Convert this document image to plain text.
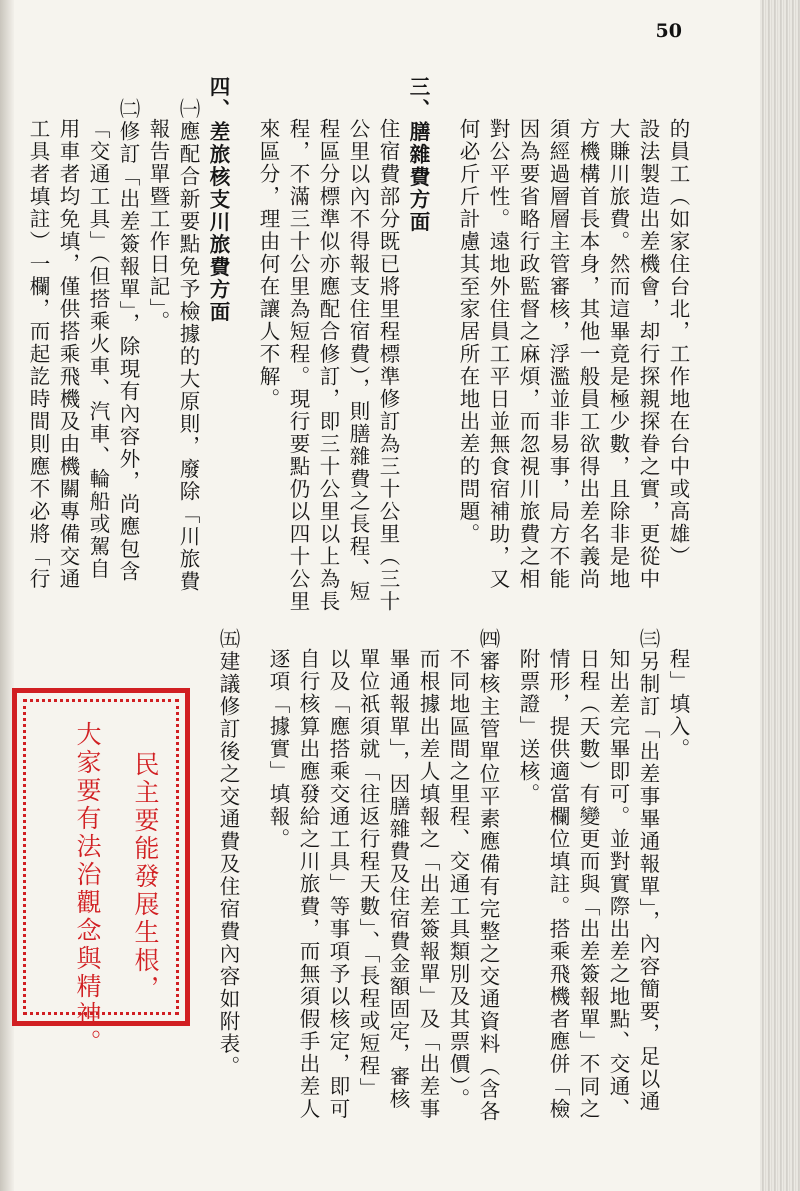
50
的員工（如家住台北，工作地在台中或高雄）
設法製造出差機會，却行探親探眷之實，更從中
大賺川旅費。然而這畢竟是極少數，且除非是地
方機構首長本身，其他一般員工欲得出差名義尚
須經過層層主管審核，浮濫並非易事，局方不能
因為要省略行政監督之麻煩，而忽視川旅費之相
對公平性。遠地外住員工平日並無食宿補助，又
何必斤斤計慮其至家居所在地出差的問題。
三、膳雜費方面
住宿費部分既已將里程標準修訂為三十公里（三十
公里以內不得報支住宿費），則膳雜費之長程、短
程區分標準似亦應配合修訂，即三十公里以上為長
程，不滿三十公里為短程。現行要點仍以四十公里
來區分，理由何在讓人不解。
四、差旅核支川旅費方面
㈠應配合新要點免予檢據的大原則，廢除「川旅費
報告單暨工作日記」。
㈡修訂「出差簽報單」，除現有內容外，尚應包含
「交通工具」（但搭乘火車、汽車、輪船或駕自
用車者均免填，僅供搭乘飛機及由機關專備交通
工具者填註）一欄，而起訖時間則應不必將「行
程」填入。
㈢另制訂「出差事畢通報單」，內容簡要，足以通
知出差完畢即可。並對實際出差之地點、交通、
日程（天數）有變更而與「出差簽報單」不同之
情形，提供適當欄位填註。搭乘飛機者應併「檢
附票證」送核。
㈣審核主管單位平素應備有完整之交通資料（含各
不同地區間之里程、交通工具類別及其票價）。
而根據出差人填報之「出差簽報單」及「出差事
畢通報單」，因膳雜費及住宿費金額固定，審核
單位祇須就「往返行程天數」、「長程或短程」
以及「應搭乘交通工具」等事項予以核定，即可
自行核算出應發給之川旅費，而無須假手出差人
逐項「據實」填報。
㈤建議修訂後之交通費及住宿費內容如附表。
民主要能發展生根，
大家要有法治觀念與精神。
